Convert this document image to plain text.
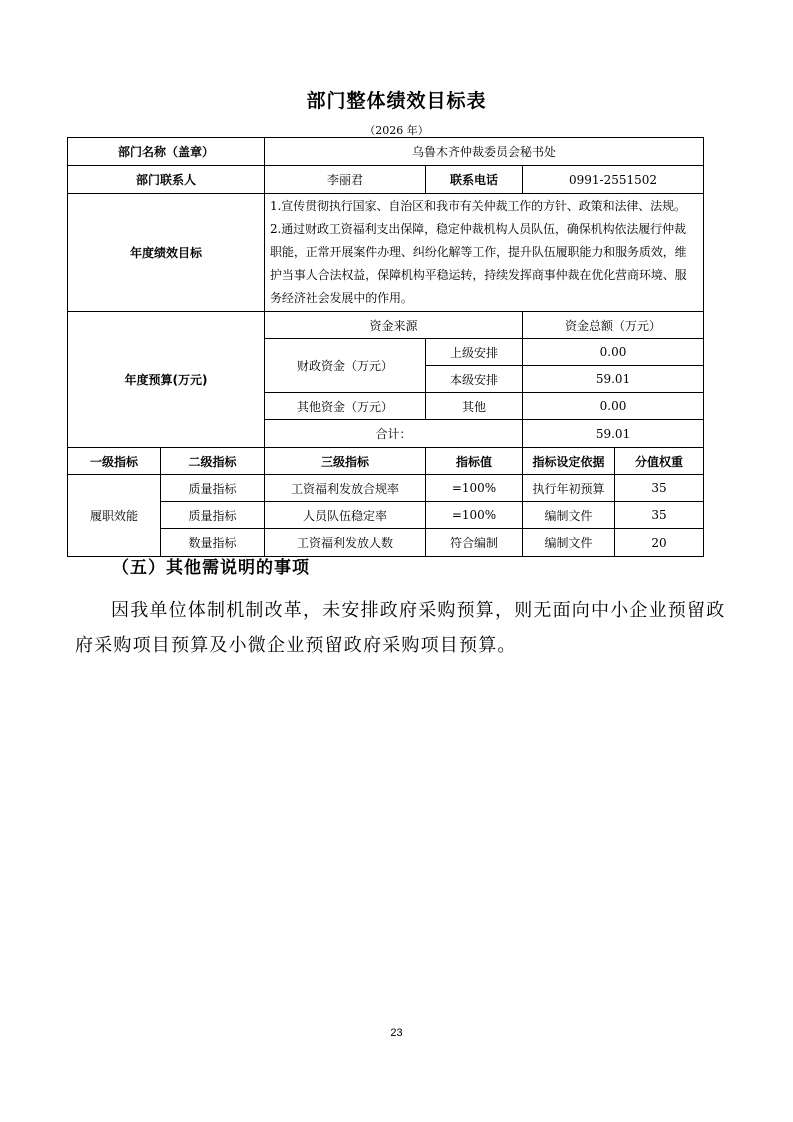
部门整体绩效目标表
（2026 年）
部门名称（盖章）		乌鲁木齐仲裁委员会秘书处			
部门联系人		李丽君	联系电话	0991-2551502	
年度绩效目标		1.宣传贯彻执行国家、自治区和我市有关仲裁工作的方针、政策和法律、法规。
2.通过财政工资福利支出保障，稳定仲裁机构人员队伍，确保机构依法履行仲裁
职能，正常开展案件办理、纠纷化解等工作，提升队伍履职能力和服务质效，维
护当事人合法权益，保障机构平稳运转，持续发挥商事仲裁在优化营商环境、服
务经济社会发展中的作用。			

年度预算(万元)		资金来源		资金总额（万元）	
		财政资金（万元）	上级安排	0.00	
			本级安排	59.01	
		其他资金（万元）	其他	0.00	
		合计：		59.01	
一级指标	二级指标	三级指标	指标值	指标设定依据	分值权重
履职效能	质量指标	工资福利发放合规率	=100%	执行年初预算	35
	质量指标	人员队伍稳定率	=100%	编制文件	35
	数量指标	工资福利发放人数	符合编制	编制文件	20
（五）其他需说明的事项
因我单位体制机制改革，未安排政府采购预算，则无面向中小企业预留政
府采购项目预算及小微企业预留政府采购项目预算。
23
